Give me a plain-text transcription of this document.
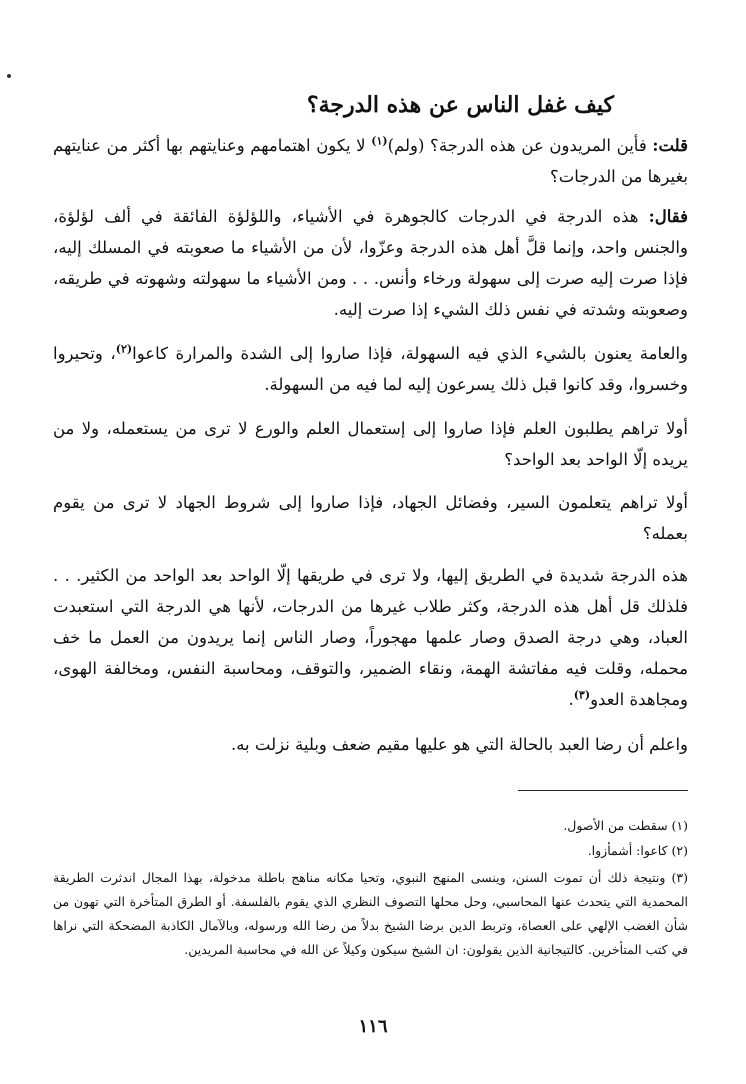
كيف غفل الناس عن هذه الدرجة؟

قلت: فأين المريدون عن هذه الدرجة؟ (ولم)$^{(١)}$ لا يكون اهتمامهم وعنايتهم بها أكثر من عنايتهم بغيرها من الدرجات؟

فقال: هذه الدرجة في الدرجات كالجوهرة في الأشياء، واللؤلؤة الفائقة في ألف لؤلؤة، والجنس واحد، وإنما قلَّ أهل هذه الدرجة وعزّوا، لأن من الأشياء ما صعوبته في المسلك إليه، فإذا صرت إليه صرت إلى سهولة ورخاء وأنس. . . ومن الأشياء ما سهولته وشهوته في طريقه، وصعوبته وشدته في نفس ذلك الشيء إذا صرت إليه.

والعامة يعنون بالشيء الذي فيه السهولة، فإذا صاروا إلى الشدة والمرارة كاعوا$^{(٢)}$، وتحيروا وخسروا، وقد كانوا قبل ذلك يسرعون إليه لما فيه من السهولة.

أولا تراهم يطلبون العلم فإذا صاروا إلى إستعمال العلم والورع لا ترى من يستعمله، ولا من يريده إلّا الواحد بعد الواحد؟

أولا تراهم يتعلمون السير، وفضائل الجهاد، فإذا صاروا إلى شروط الجهاد لا ترى من يقوم بعمله؟

هذه الدرجة شديدة في الطريق إليها، ولا ترى في طريقها إلّا الواحد بعد الواحد من الكثير. . . فلذلك قل أهل هذه الدرجة، وكثر طلاب غيرها من الدرجات، لأنها هي الدرجة التي استعبدت العباد، وهي درجة الصدق وصار علمها مهجوراً، وصار الناس إنما يريدون من العمل ما خف محمله، وقلت فيه مفاتشة الهمة، ونقاء الضمير، والتوقف، ومحاسبة النفس، ومخالفة الهوى، ومجاهدة العدو$^{(٣)}$.

واعلم أن رضا العبد بالحالة التي هو عليها مقيم ضعف وبلية نزلت به.

(١) سقطت من الأصول.

(٢) كاعوا: أشمأزوا.

(٣) ونتيجة ذلك أن تموت السنن، وينسى المنهج النبوي، وتحيا مكانه مناهج باطلة مدخولة، بهذا المجال اندثرت الطريقة المحمدية التي يتحدث عنها المحاسبي، وحل محلها التصوف النظري الذي يقوم بالفلسفة. أو الطرق المتأخرة التي تهون من شأن الغضب الإلهي على العصاة، وتربط الدين برضا الشيخ بدلاً من رضا الله ورسوله، وبالآمال الكاذبة المضحكة التي نراها في كتب المتأخرين. كالتيجانية الذين يقولون: ان الشيخ سيكون وكيلاً عن الله في محاسبة المريدين.

١١٦
